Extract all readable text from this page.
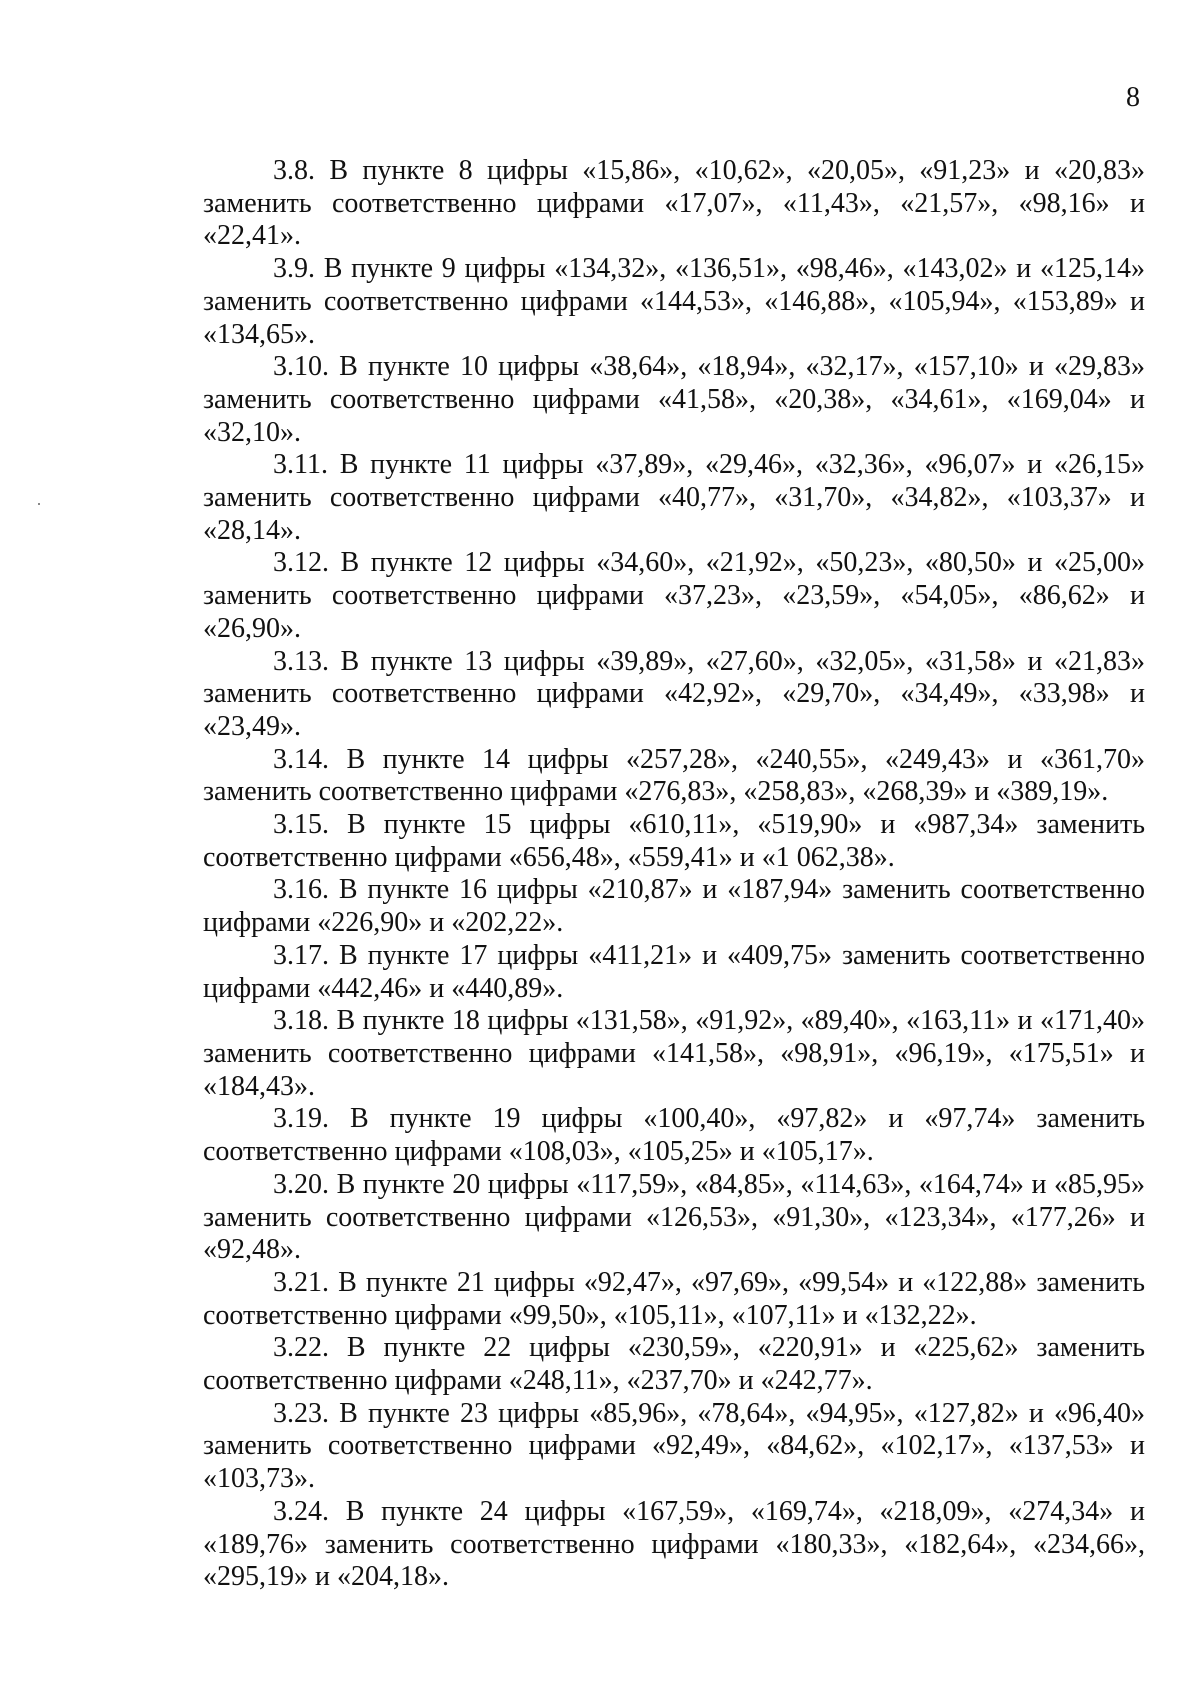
8

3.8. В пункте 8 цифры «15,86», «10,62», «20,05», «91,23» и «20,83» заменить соответственно цифрами «17,07», «11,43», «21,57», «98,16» и «22,41».

3.9. В пункте 9 цифры «134,32», «136,51», «98,46», «143,02» и «125,14» заменить соответственно цифрами «144,53», «146,88», «105,94», «153,89» и «134,65».

3.10. В пункте 10 цифры «38,64», «18,94», «32,17», «157,10» и «29,83» заменить соответственно цифрами «41,58», «20,38», «34,61», «169,04» и «32,10».

3.11. В пункте 11 цифры «37,89», «29,46», «32,36», «96,07» и «26,15» заменить соответственно цифрами «40,77», «31,70», «34,82», «103,37» и «28,14».

3.12. В пункте 12 цифры «34,60», «21,92», «50,23», «80,50» и «25,00» заменить соответственно цифрами «37,23», «23,59», «54,05», «86,62» и «26,90».

3.13. В пункте 13 цифры «39,89», «27,60», «32,05», «31,58» и «21,83» заменить соответственно цифрами «42,92», «29,70», «34,49», «33,98» и «23,49».

3.14. В пункте 14 цифры «257,28», «240,55», «249,43» и «361,70» заменить соответственно цифрами «276,83», «258,83», «268,39» и «389,19».

3.15. В пункте 15 цифры «610,11», «519,90» и «987,34» заменить соответственно цифрами «656,48», «559,41» и «1 062,38».

3.16. В пункте 16 цифры «210,87» и «187,94» заменить соответственно цифрами «226,90» и «202,22».

3.17. В пункте 17 цифры «411,21» и «409,75» заменить соответственно цифрами «442,46» и «440,89».

3.18. В пункте 18 цифры «131,58», «91,92», «89,40», «163,11» и «171,40» заменить соответственно цифрами «141,58», «98,91», «96,19», «175,51» и «184,43».

3.19. В пункте 19 цифры «100,40», «97,82» и «97,74» заменить соответственно цифрами «108,03», «105,25» и «105,17».

3.20. В пункте 20 цифры «117,59», «84,85», «114,63», «164,74» и «85,95» заменить соответственно цифрами «126,53», «91,30», «123,34», «177,26» и «92,48».

3.21. В пункте 21 цифры «92,47», «97,69», «99,54» и «122,88» заменить соответственно цифрами «99,50», «105,11», «107,11» и «132,22».

3.22. В пункте 22 цифры «230,59», «220,91» и «225,62» заменить соответственно цифрами «248,11», «237,70» и «242,77».

3.23. В пункте 23 цифры «85,96», «78,64», «94,95», «127,82» и «96,40» заменить соответственно цифрами «92,49», «84,62», «102,17», «137,53» и «103,73».

3.24. В пункте 24 цифры «167,59», «169,74», «218,09», «274,34» и «189,76» заменить соответственно цифрами «180,33», «182,64», «234,66», «295,19» и «204,18».
